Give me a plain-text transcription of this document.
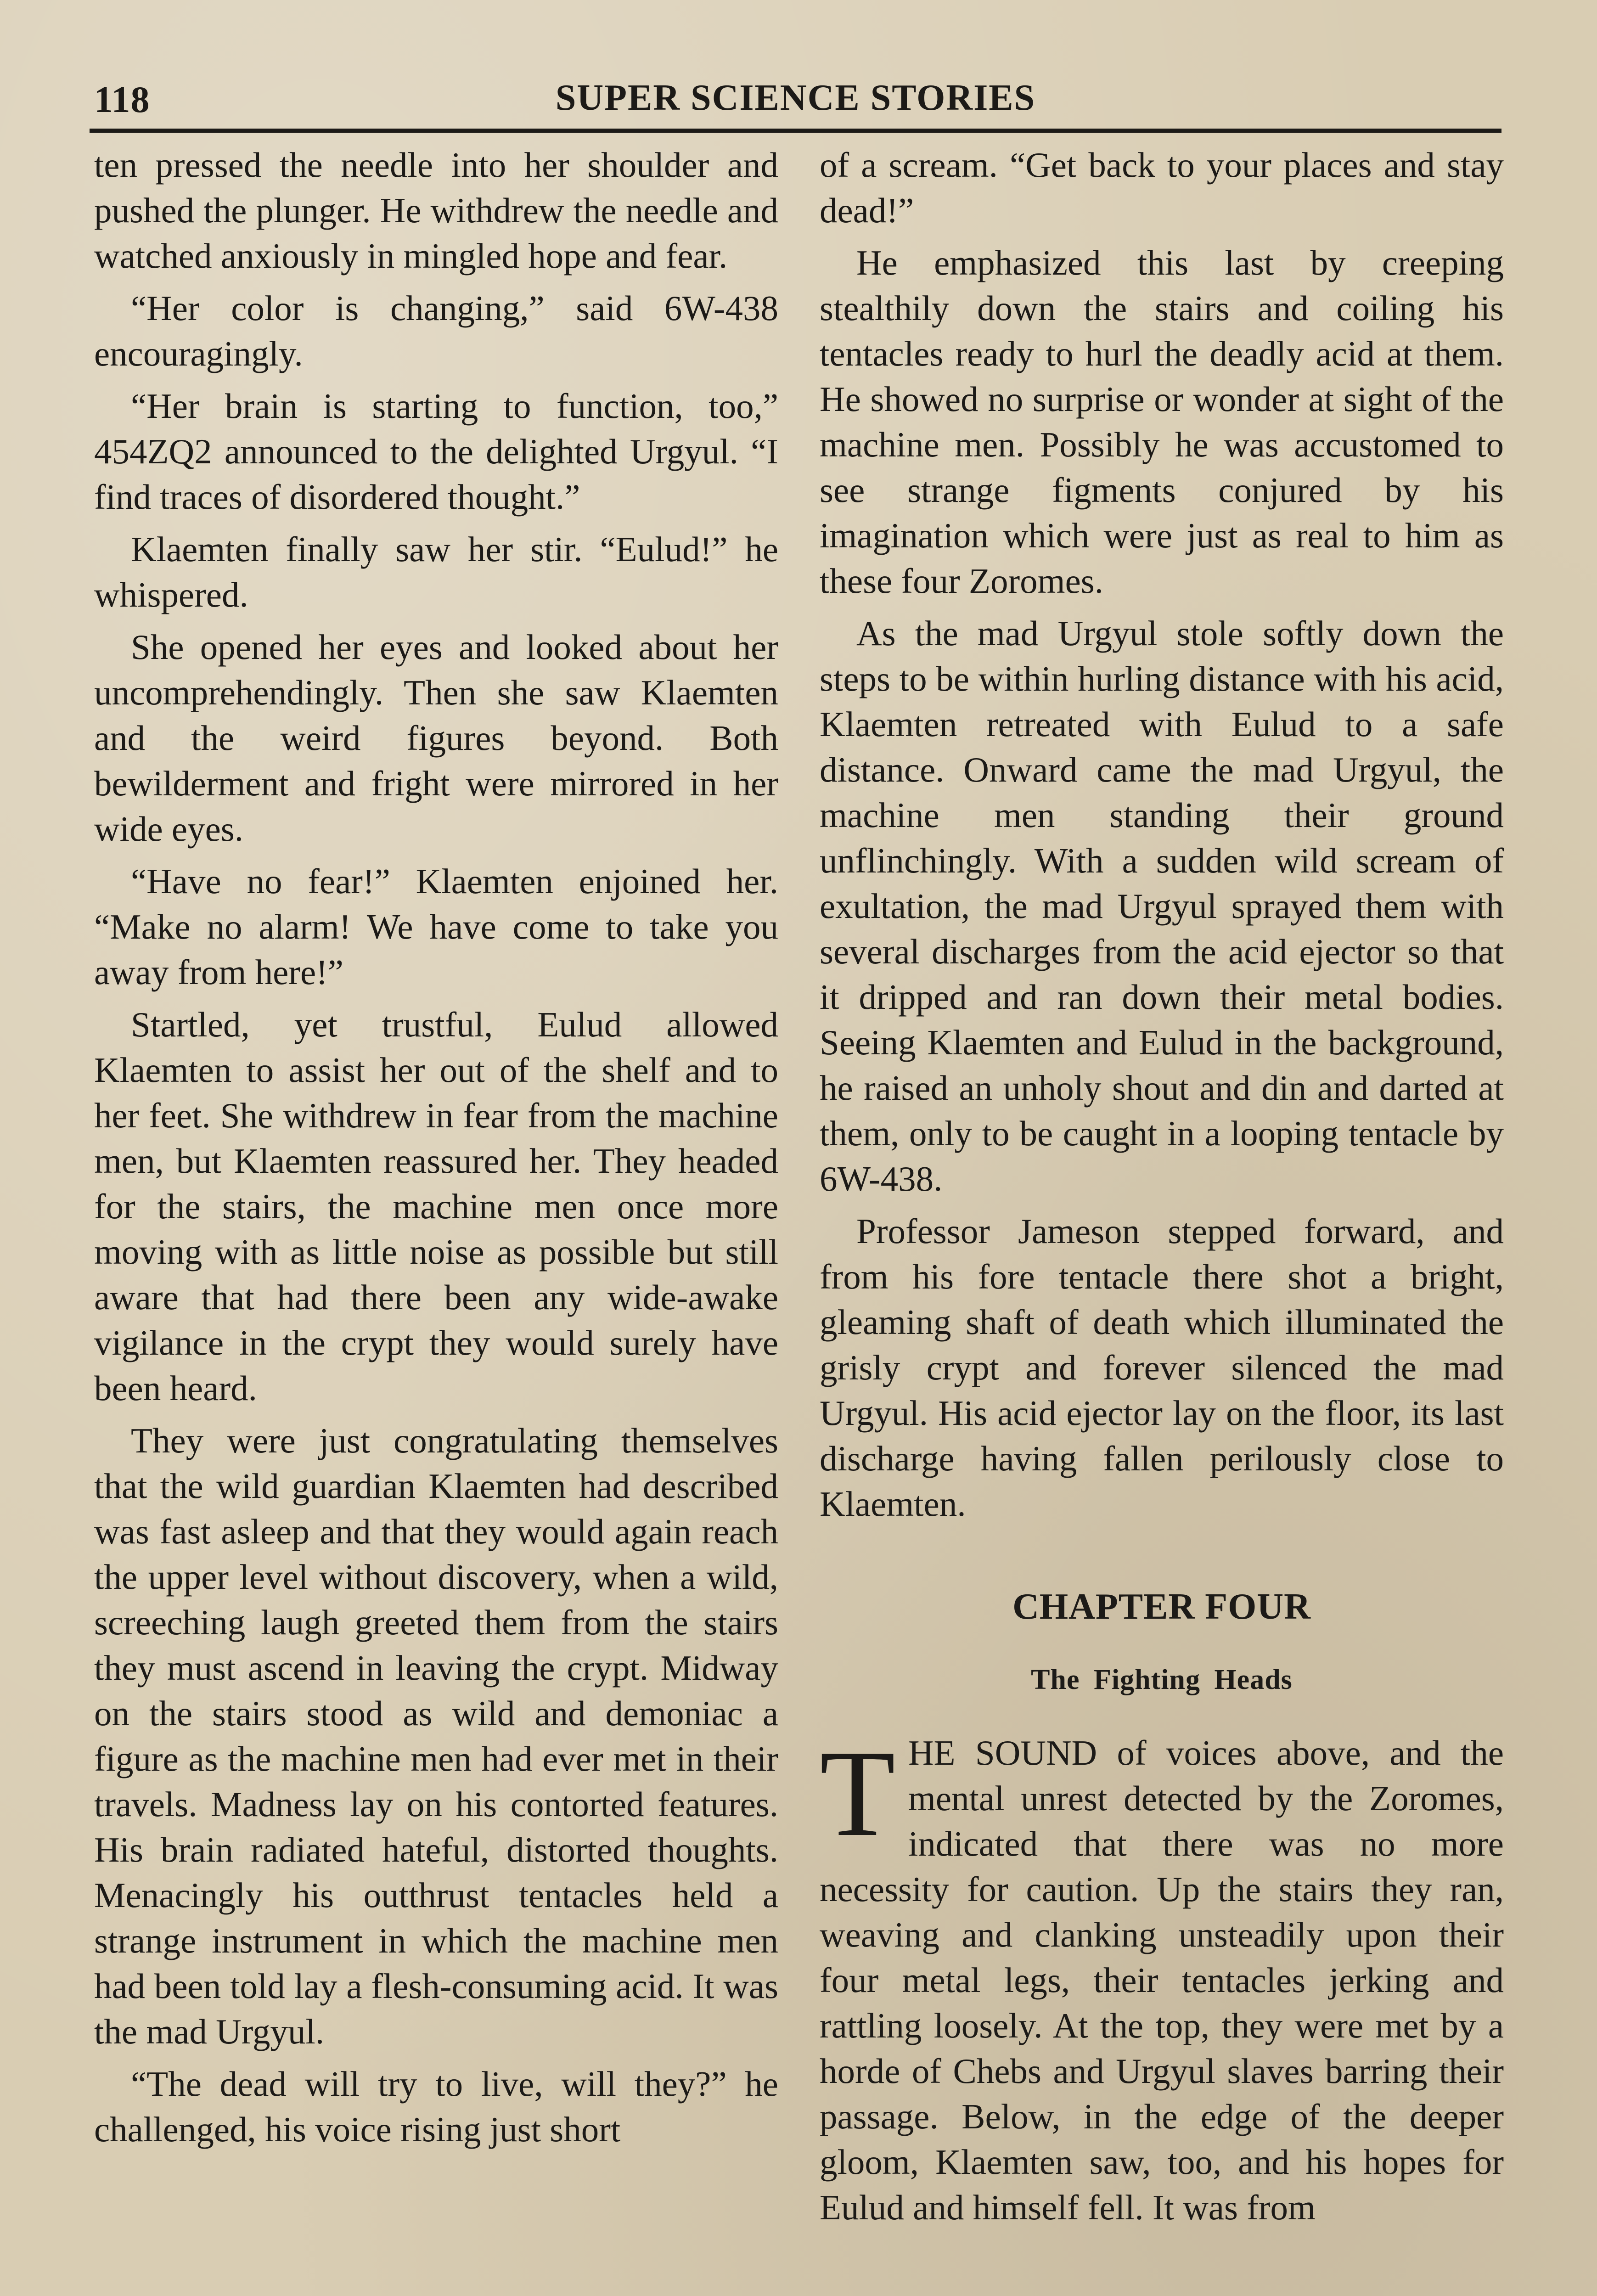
118	SUPER SCIENCE STORIES

ten pressed the needle into her shoulder and pushed the plunger. He withdrew the needle and watched anxiously in mingled hope and fear.

“Her color is changing,” said 6W-438 encouragingly.

“Her brain is starting to function, too,” 454ZQ2 announced to the delighted Urgyul. “I find traces of disordered thought.”

Klaemten finally saw her stir. “Eulud!” he whispered.

She opened her eyes and looked about her uncomprehendingly. Then she saw Klaemten and the weird figures beyond. Both bewilderment and fright were mirrored in her wide eyes.

“Have no fear!” Klaemten enjoined her. “Make no alarm! We have come to take you away from here!”

Startled, yet trustful, Eulud allowed Klaemten to assist her out of the shelf and to her feet. She withdrew in fear from the machine men, but Klaemten reassured her. They headed for the stairs, the machine men once more moving with as little noise as possible but still aware that had there been any wide-awake vigilance in the crypt they would surely have been heard.

They were just congratulating themselves that the wild guardian Klaemten had described was fast asleep and that they would again reach the upper level without discovery, when a wild, screeching laugh greeted them from the stairs they must ascend in leaving the crypt. Midway on the stairs stood as wild and demoniac a figure as the machine men had ever met in their travels. Madness lay on his contorted features. His brain radiated hateful, distorted thoughts. Menacingly his outthrust tentacles held a strange instrument in which the machine men had been told lay a flesh-consuming acid. It was the mad Urgyul.

“The dead will try to live, will they?” he challenged, his voice rising just short

of a scream. “Get back to your places and stay dead!”

He emphasized this last by creeping stealthily down the stairs and coiling his tentacles ready to hurl the deadly acid at them. He showed no surprise or wonder at sight of the machine men. Possibly he was accustomed to see strange figments conjured by his imagination which were just as real to him as these four Zoromes.

As the mad Urgyul stole softly down the steps to be within hurling distance with his acid, Klaemten retreated with Eulud to a safe distance. Onward came the mad Urgyul, the machine men standing their ground unflinchingly. With a sudden wild scream of exultation, the mad Urgyul sprayed them with several discharges from the acid ejector so that it dripped and ran down their metal bodies. Seeing Klaemten and Eulud in the background, he raised an unholy shout and din and darted at them, only to be caught in a looping tentacle by 6W-438.

Professor Jameson stepped forward, and from his fore tentacle there shot a bright, gleaming shaft of death which illuminated the grisly crypt and forever silenced the mad Urgyul. His acid ejector lay on the floor, its last discharge having fallen perilously close to Klaemten.

CHAPTER FOUR
The Fighting Heads

THE SOUND of voices above, and the mental unrest detected by the Zoromes, indicated that there was no more necessity for caution. Up the stairs they ran, weaving and clanking unsteadily upon their four metal legs, their tentacles jerking and rattling loosely. At the top, they were met by a horde of Chebs and Urgyul slaves barring their passage. Below, in the edge of the deeper gloom, Klaemten saw, too, and his hopes for Eulud and himself fell. It was from
